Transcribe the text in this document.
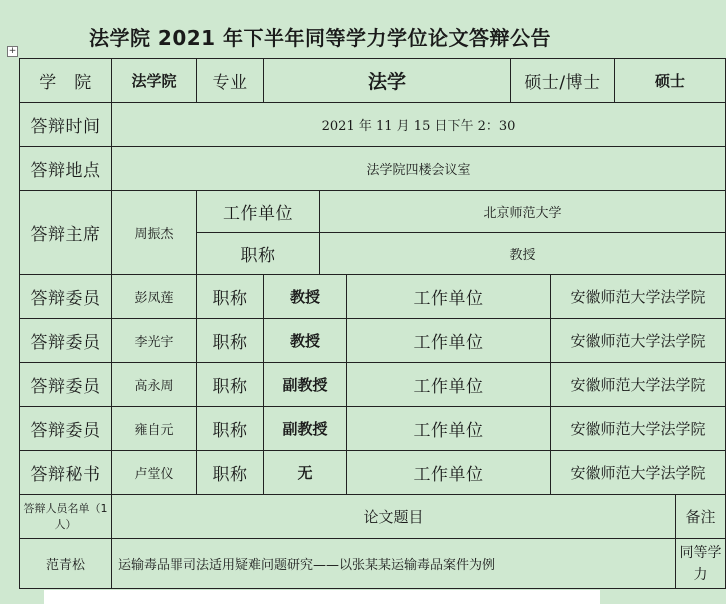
法学院 2021 年下半年同等学力学位论文答辩公告
+
学　院	法学院	专业	法学			硕士/博士		硕士	
答辩时间	2021 年 11 月 15 日下午 2：30								
答辩地点	法学院四楼会议室								
答辩主席	周振杰	工作单位		北京师范大学					
		职称		教授					
答辩委员	彭凤莲	职称	教授		工作单位		安徽师范大学法学院		
答辩委员	李光宇	职称	教授		工作单位		安徽师范大学法学院		
答辩委员	高永周	职称	副教授		工作单位		安徽师范大学法学院		
答辩委员	雍自元	职称	副教授		工作单位		安徽师范大学法学院		
答辩秘书	卢堂仪	职称	无		工作单位		安徽师范大学法学院		
答辩人员名单（1 人）	论文题目								备注
范青松	运输毒品罪司法适用疑难问题研究——以张某某运输毒品案件为例								同等学力
